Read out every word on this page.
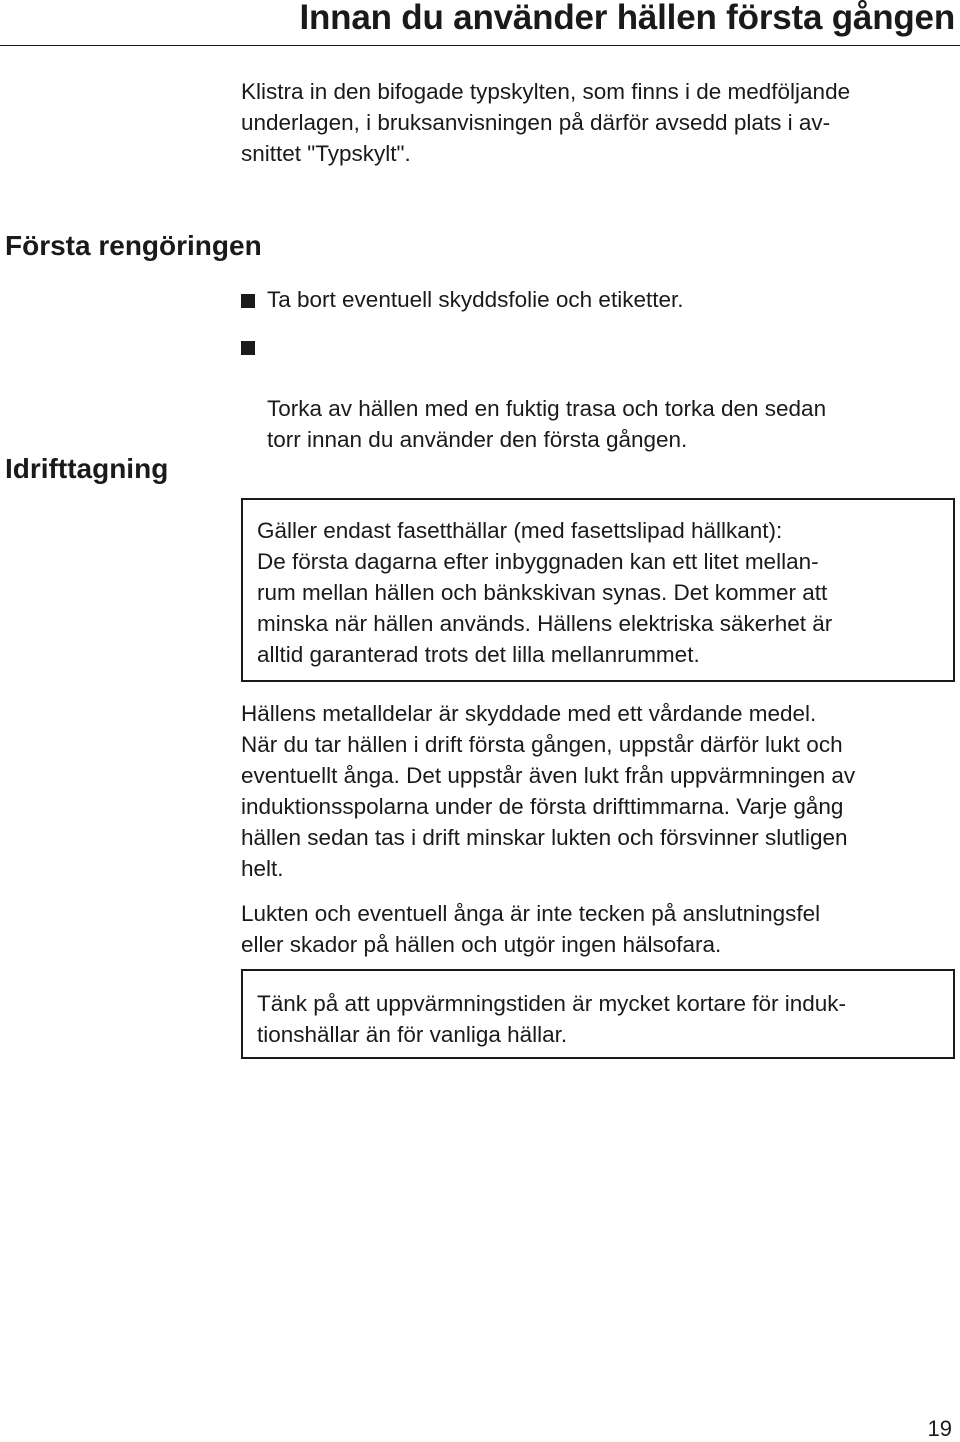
Innan du använder hällen första gången

Klistra in den bifogade typskylten, som finns i de medföljande
underlagen, i bruksanvisningen på därför avsedd plats i av-
snittet "Typskylt".

Första rengöringen
Ta bort eventuell skyddsfolie och etiketter.

Torka av hällen med en fuktig trasa och torka den sedan
torr innan du använder den första gången.

Idrifttagning

Gäller endast fasetthällar (med fasettslipad hällkant):
De första dagarna efter inbyggnaden kan ett litet mellan-
rum mellan hällen och bänkskivan synas. Det kommer att
minska när hällen används. Hällens elektriska säkerhet är
alltid garanterad trots det lilla mellanrummet.

Hällens metalldelar är skyddade med ett vårdande medel.
När du tar hällen i drift första gången, uppstår därför lukt och
eventuellt ånga. Det uppstår även lukt från uppvärmningen av
induktionsspolarna under de första drifttimmarna. Varje gång
hällen sedan tas i drift minskar lukten och försvinner slutligen
helt.

Lukten och eventuell ånga är inte tecken på anslutningsfel
eller skador på hällen och utgör ingen hälsofara.

Tänk på att uppvärmningstiden är mycket kortare för induk-
tionshällar än för vanliga hällar.

19
